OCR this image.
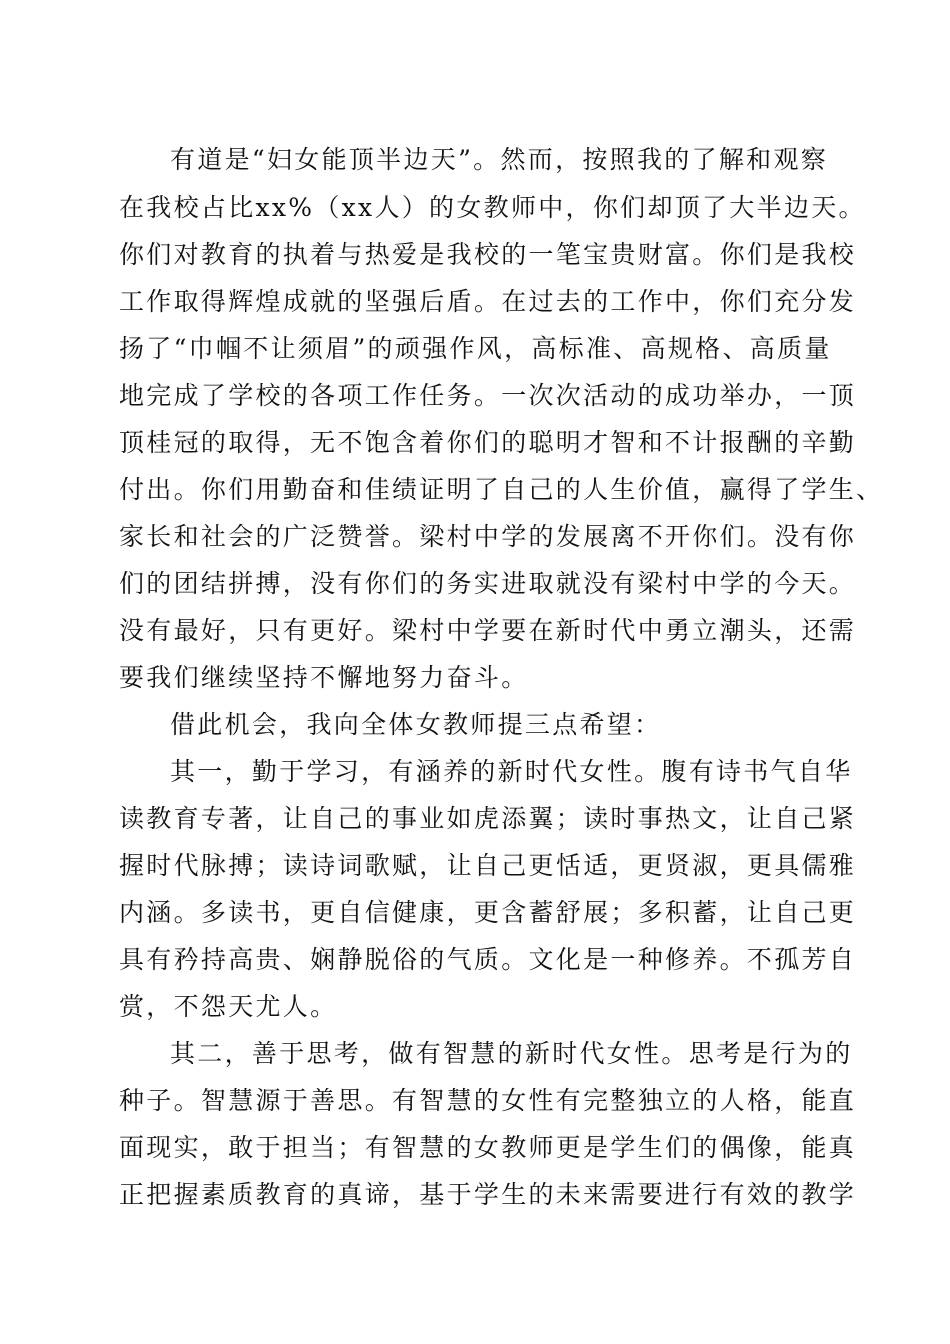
有道是“妇女能顶半边天”。然而，按照我的了解和观察
在我校占比xx%（xx人）的女教师中，你们却顶了大半边天。
你们对教育的执着与热爱是我校的一笔宝贵财富。你们是我校
工作取得辉煌成就的坚强后盾。在过去的工作中，你们充分发
扬了“巾帼不让须眉”的顽强作风，高标准、高规格、高质量
地完成了学校的各项工作任务。一次次活动的成功举办，一顶
顶桂冠的取得，无不饱含着你们的聪明才智和不计报酬的辛勤
付出。你们用勤奋和佳绩证明了自己的人生价值，赢得了学生、
家长和社会的广泛赞誉。梁村中学的发展离不开你们。没有你
们的团结拼搏，没有你们的务实进取就没有梁村中学的今天。
没有最好，只有更好。梁村中学要在新时代中勇立潮头，还需
要我们继续坚持不懈地努力奋斗。
借此机会，我向全体女教师提三点希望：
其一，勤于学习，有涵养的新时代女性。腹有诗书气自华
读教育专著，让自己的事业如虎添翼；读时事热文，让自己紧
握时代脉搏；读诗词歌赋，让自己更恬适，更贤淑，更具儒雅
内涵。多读书，更自信健康，更含蓄舒展；多积蓄，让自己更
具有矜持高贵、娴静脱俗的气质。文化是一种修养。不孤芳自
赏，不怨天尤人。
其二，善于思考，做有智慧的新时代女性。思考是行为的
种子。智慧源于善思。有智慧的女性有完整独立的人格，能直
面现实，敢于担当；有智慧的女教师更是学生们的偶像，能真
正把握素质教育的真谛，基于学生的未来需要进行有效的教学
